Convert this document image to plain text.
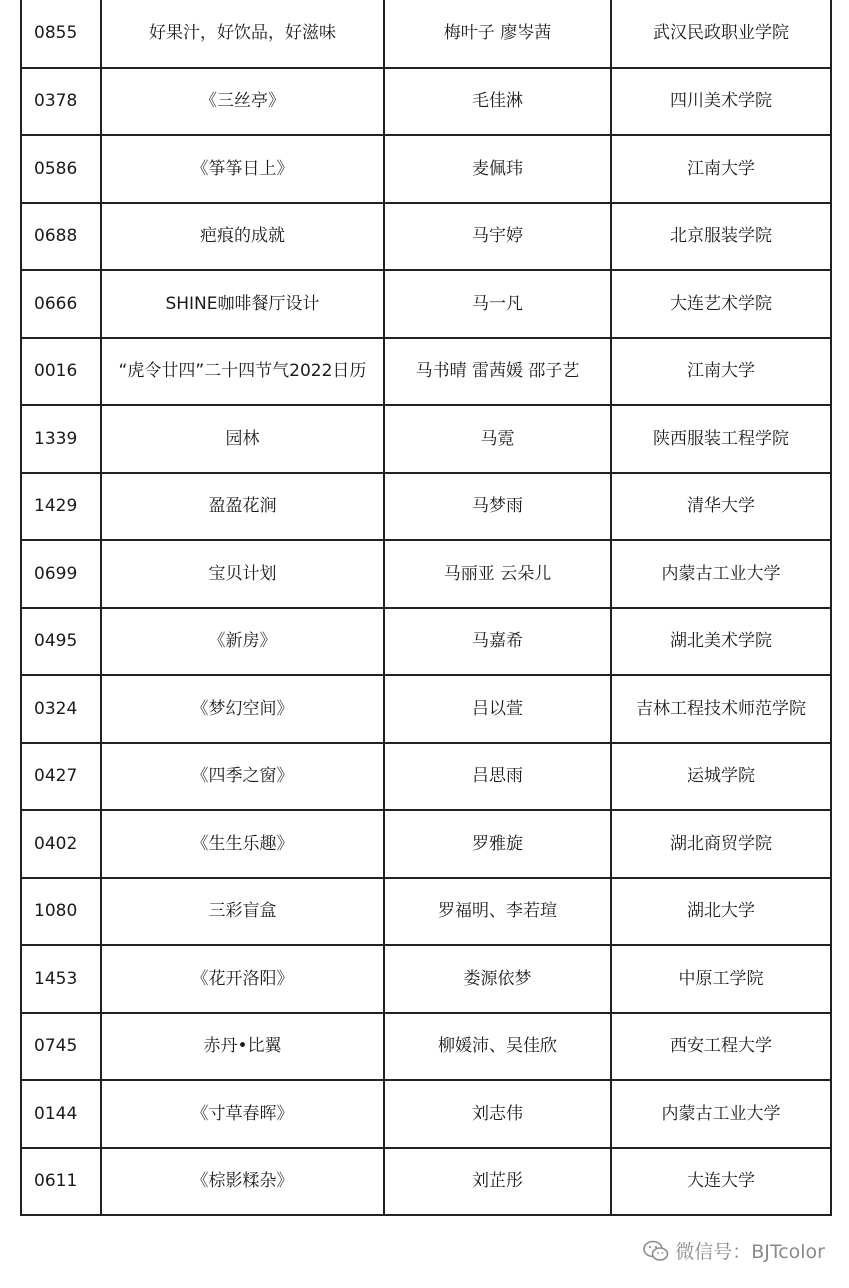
0855	好果汁，好饮品，好滋味	梅叶子 廖岑茜	武汉民政职业学院
0378	《三丝亭》	毛佳淋	四川美术学院
0586	《筝筝日上》	麦佩玮	江南大学
0688	疤痕的成就	马宇婷	北京服装学院
0666	SHINE咖啡餐厅设计	马一凡	大连艺术学院
0016	“虎令廿四”二十四节气2022日历	马书晴 雷茜媛 邵子艺	江南大学
1339	园林	马霓	陕西服装工程学院
1429	盈盈花涧	马梦雨	清华大学
0699	宝贝计划	马丽亚 云朵儿	内蒙古工业大学
0495	《新房》	马嘉希	湖北美术学院
0324	《梦幻空间》	吕以萱	吉林工程技术师范学院
0427	《四季之窗》	吕思雨	运城学院
0402	《生生乐趣》	罗雅旋	湖北商贸学院
1080	三彩盲盒	罗福明、李若瑄	湖北大学
1453	《花开洛阳》	娄源依梦	中原工学院
0745	赤丹•比翼	柳媛沛、吴佳欣	西安工程大学
0144	《寸草春晖》	刘志伟	内蒙古工业大学
0611	《棕影糅杂》	刘芷彤	大连大学
微信号：BJTcolor
